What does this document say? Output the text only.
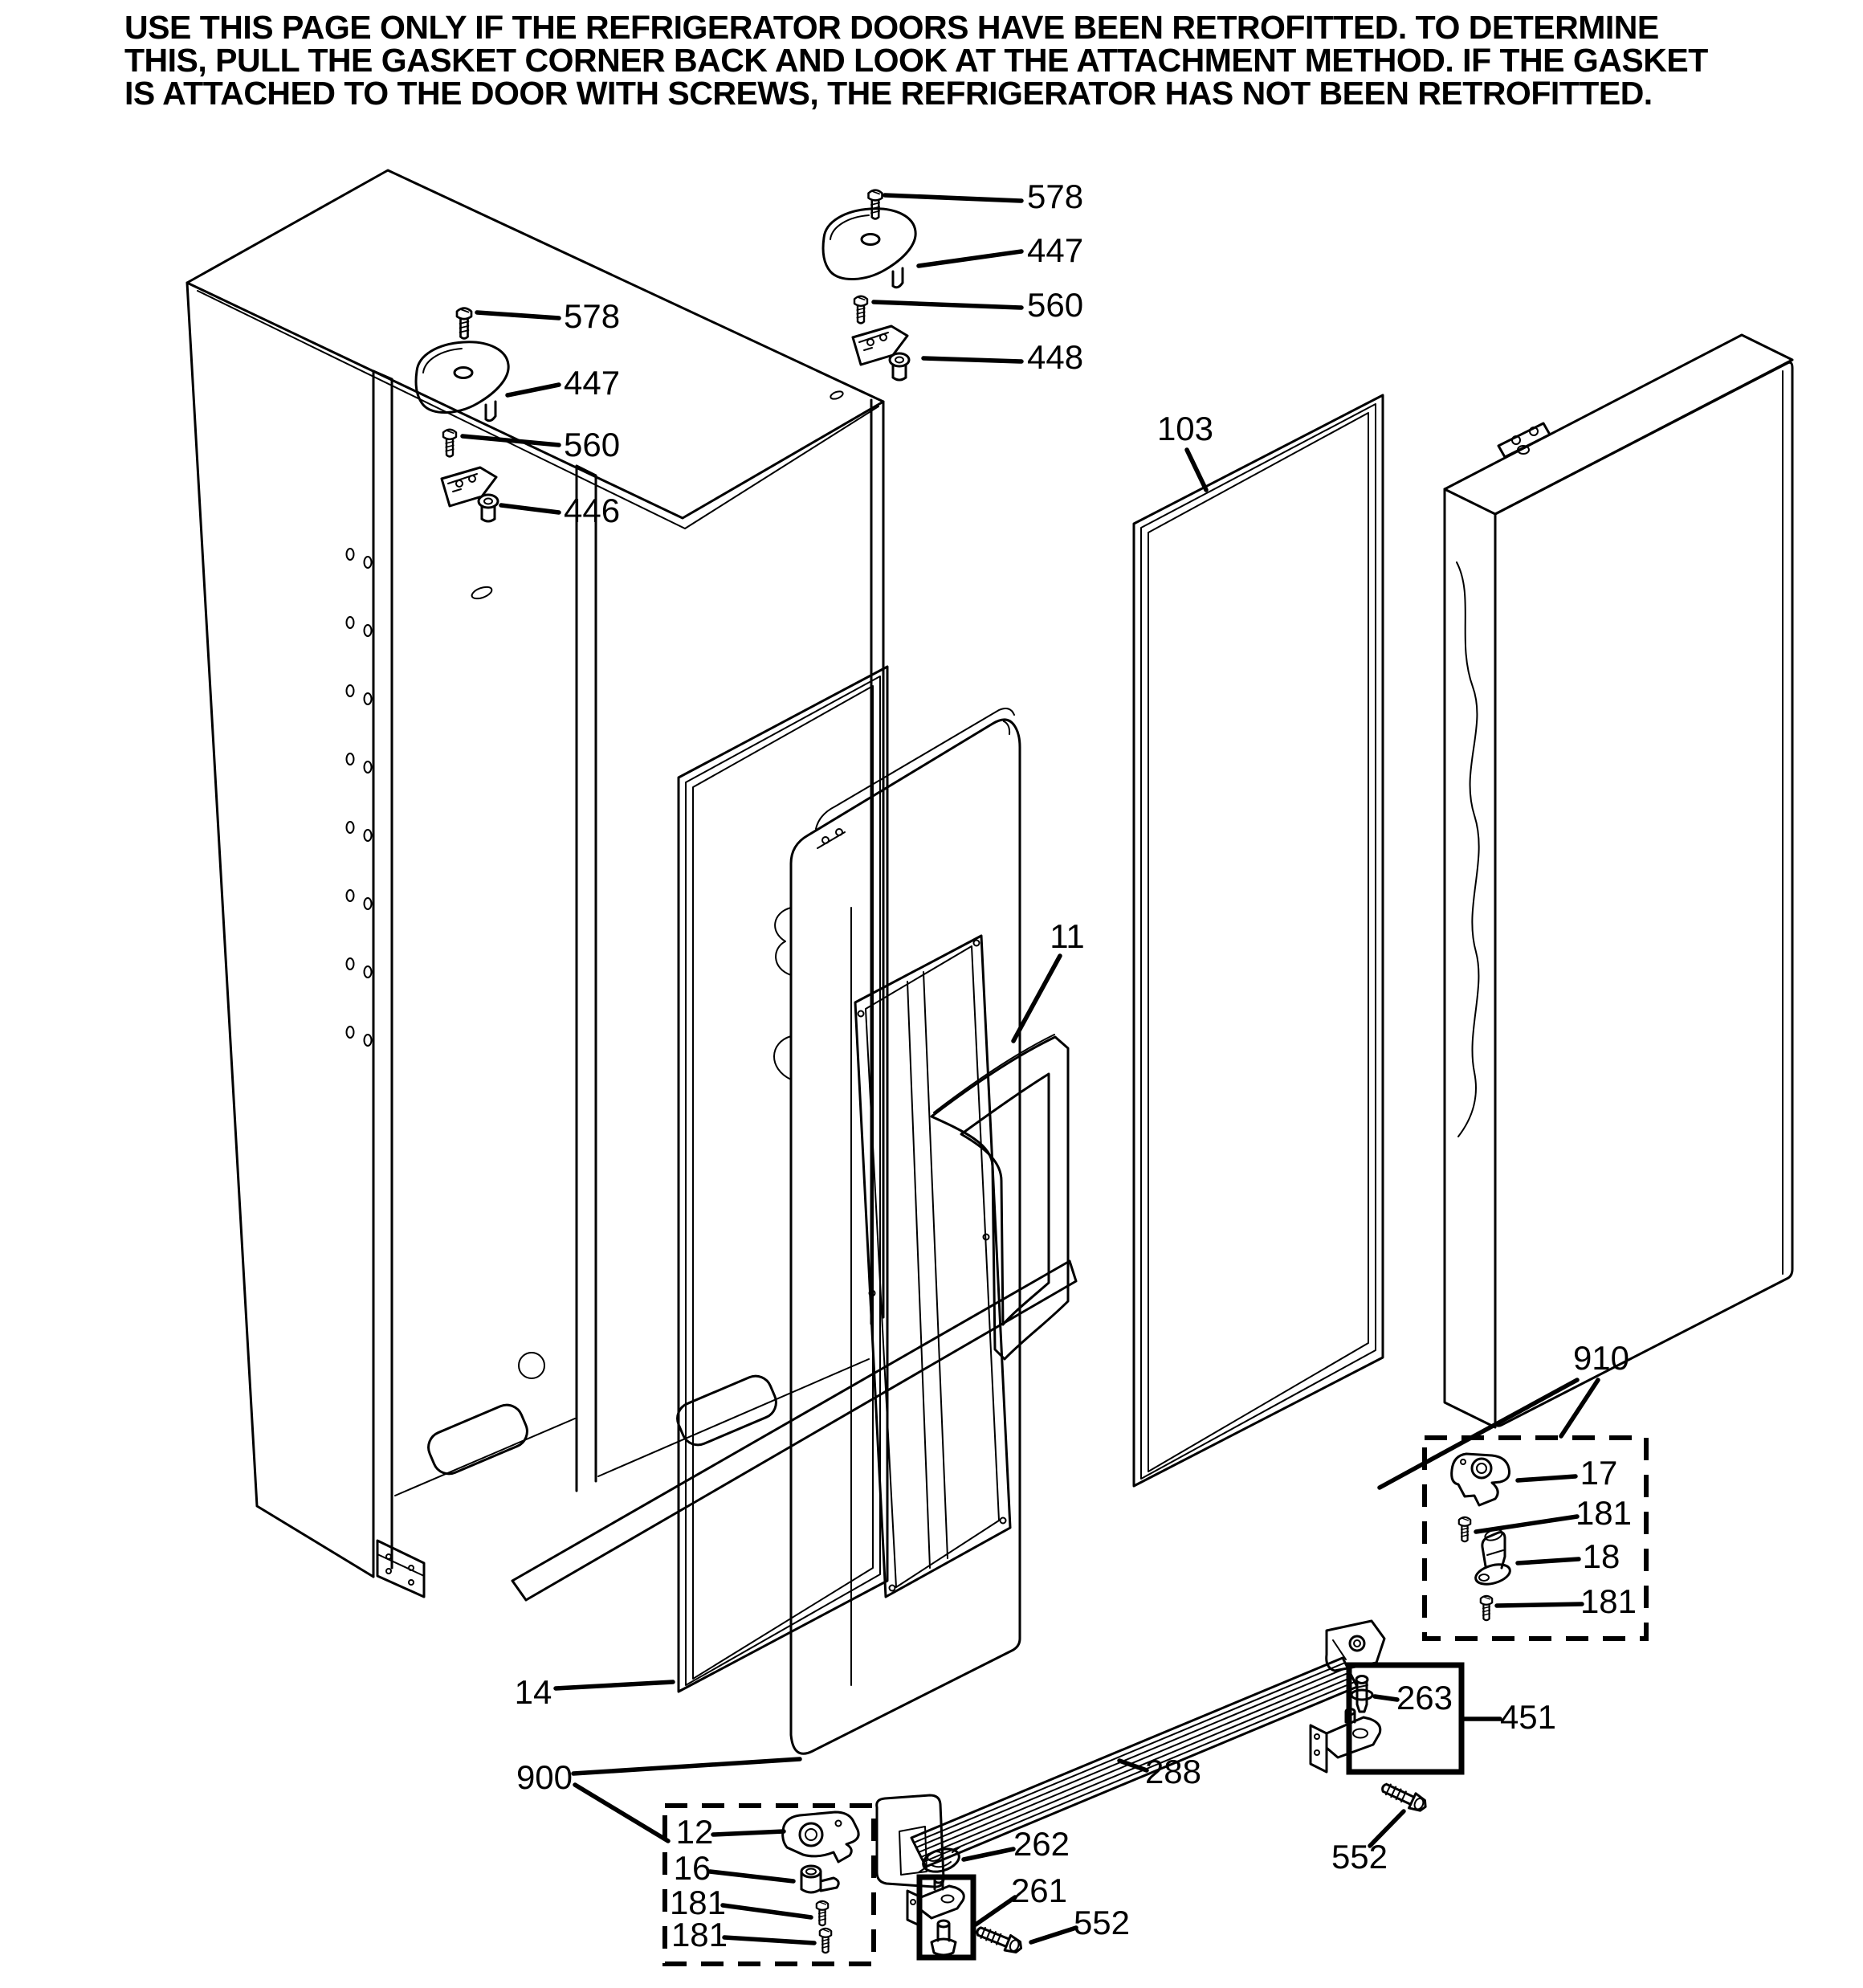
USE THIS PAGE ONLY IF THE REFRIGERATOR DOORS HAVE BEEN RETROFITTED. TO DETERMINE
THIS, PULL THE GASKET CORNER BACK AND LOOK AT THE ATTACHMENT METHOD. IF THE GASKET
IS ATTACHED TO THE DOOR WITH SCREWS, THE REFRIGERATOR HAS NOT BEEN RETROFITTED.
578
447
560
446
578
447
560
448
14
11
103
288
900
12
16
181
181
262
261
552
910
17
181
18
181
263
451
552
